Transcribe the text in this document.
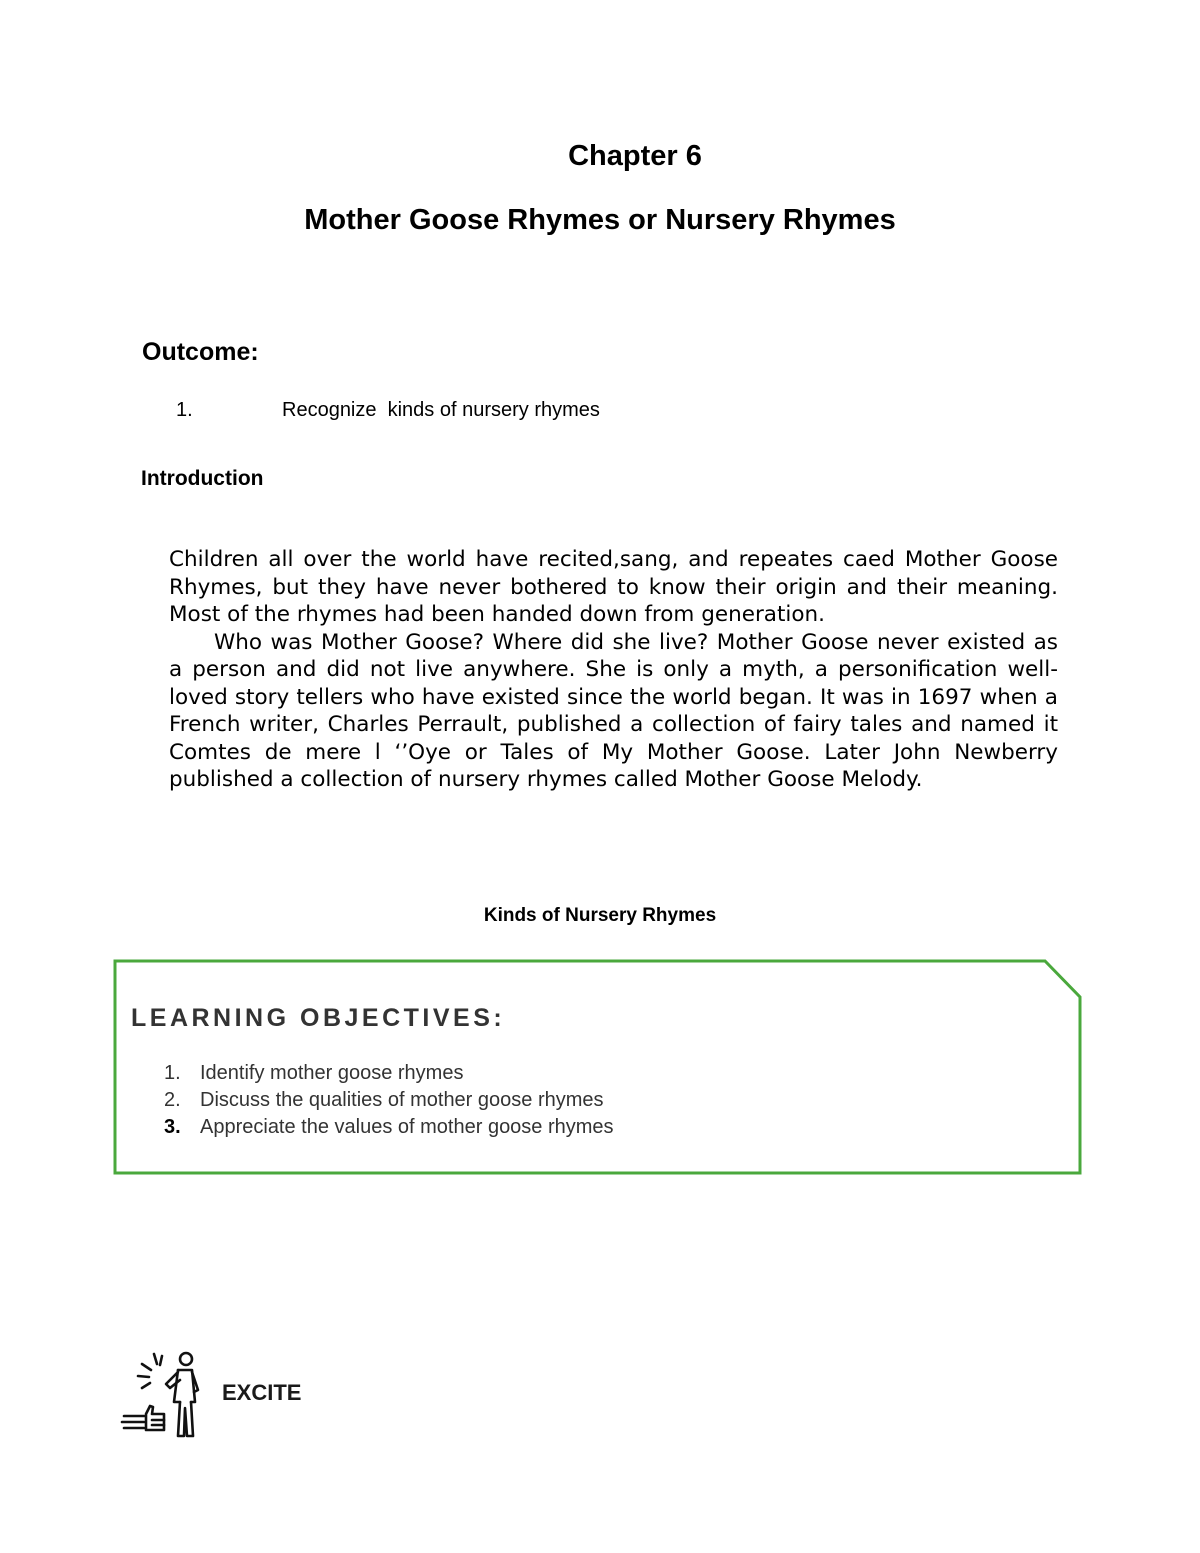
Chapter 6
Mother Goose Rhymes or Nursery Rhymes
Outcome:
1.	Recognize  kinds of nursery rhymes
Introduction

Children all over the world have recited,sang, and repeates caed Mother Goose Rhymes, but they have never bothered to know their origin and their meaning. Most of the rhymes had been handed down from generation.

Who was Mother Goose? Where did she live? Mother Goose never existed as a person and did not live anywhere. She is only a myth, a personification well-loved story tellers who have existed since the world began. It was in 1697 when a French writer, Charles Perrault, published a collection of fairy tales and named it Comtes de mere l ‘’Oye or Tales of My Mother Goose. Later John Newberry published a collection of nursery rhymes called Mother Goose Melody.

Kinds of Nursery Rhymes
LEARNING OBJECTIVES:
1. Identify mother goose rhymes
2. Discuss the qualities of mother goose rhymes
3. Appreciate the values of mother goose rhymes
EXCITE
